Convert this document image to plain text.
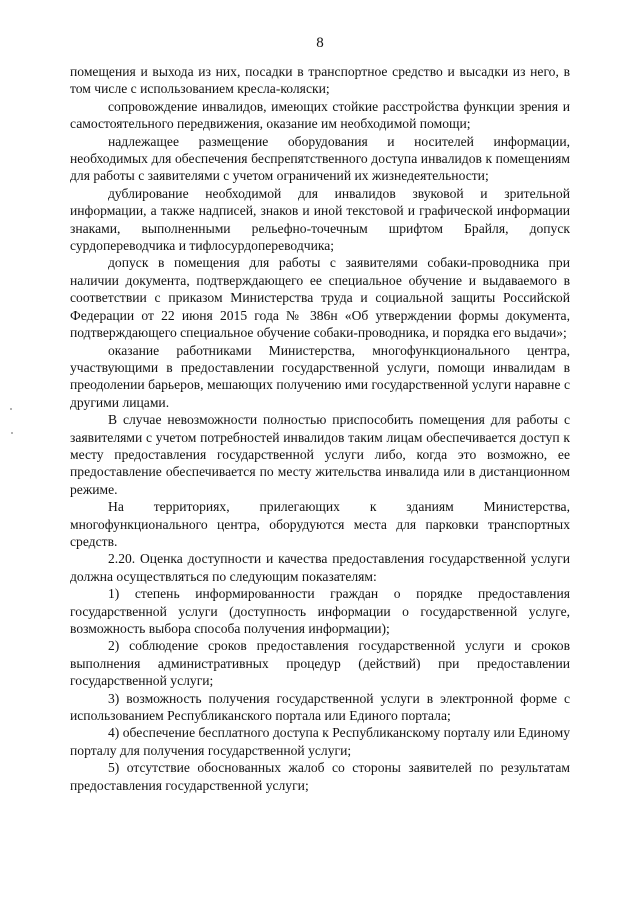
8

помещения и выхода из них, посадки в транспортное средство и высадки из него, в том числе с использованием кресла-коляски;

сопровождение инвалидов, имеющих стойкие расстройства функции зрения и самостоятельного передвижения, оказание им необходимой помощи;

надлежащее размещение оборудования и носителей информации, необходимых для обеспечения беспрепятственного доступа инвалидов к помещениям для работы с заявителями с учетом ограничений их жизнедеятельности;

дублирование необходимой для инвалидов звуковой и зрительной информации, а также надписей, знаков и иной текстовой и графической информации знаками, выполненными рельефно-точечным шрифтом Брайля, допуск сурдопереводчика и тифлосурдопереводчика;

допуск в помещения для работы с заявителями собаки-проводника при наличии документа, подтверждающего ее специальное обучение и выдаваемого в соответствии с приказом Министерства труда и социальной защиты Российской Федерации от 22 июня 2015 года № 386н «Об утверждении формы документа, подтверждающего специальное обучение собаки-проводника, и порядка его выдачи»;

оказание работниками Министерства, многофункционального центра, участвующими в предоставлении государственной услуги, помощи инвалидам в преодолении барьеров, мешающих получению ими государственной услуги наравне с другими лицами.

В случае невозможности полностью приспособить помещения для работы с заявителями с учетом потребностей инвалидов таким лицам обеспечивается доступ к месту предоставления государственной услуги либо, когда это возможно, ее предоставление обеспечивается по месту жительства инвалида или в дистанционном режиме.

На территориях, прилегающих к зданиям Министерства, многофункционального центра, оборудуются места для парковки транспортных средств.

2.20. Оценка доступности и качества предоставления государственной услуги должна осуществляться по следующим показателям:

1) степень информированности граждан о порядке предоставления государственной услуги (доступность информации о государственной услуге, возможность выбора способа получения информации);

2) соблюдение сроков предоставления государственной услуги и сроков выполнения административных процедур (действий) при предоставлении государственной услуги;

3) возможность получения государственной услуги в электронной форме с использованием Республиканского портала или Единого портала;

4) обеспечение бесплатного доступа к Республиканскому порталу или Единому порталу для получения государственной услуги;

5) отсутствие обоснованных жалоб со стороны заявителей по результатам предоставления государственной услуги;
